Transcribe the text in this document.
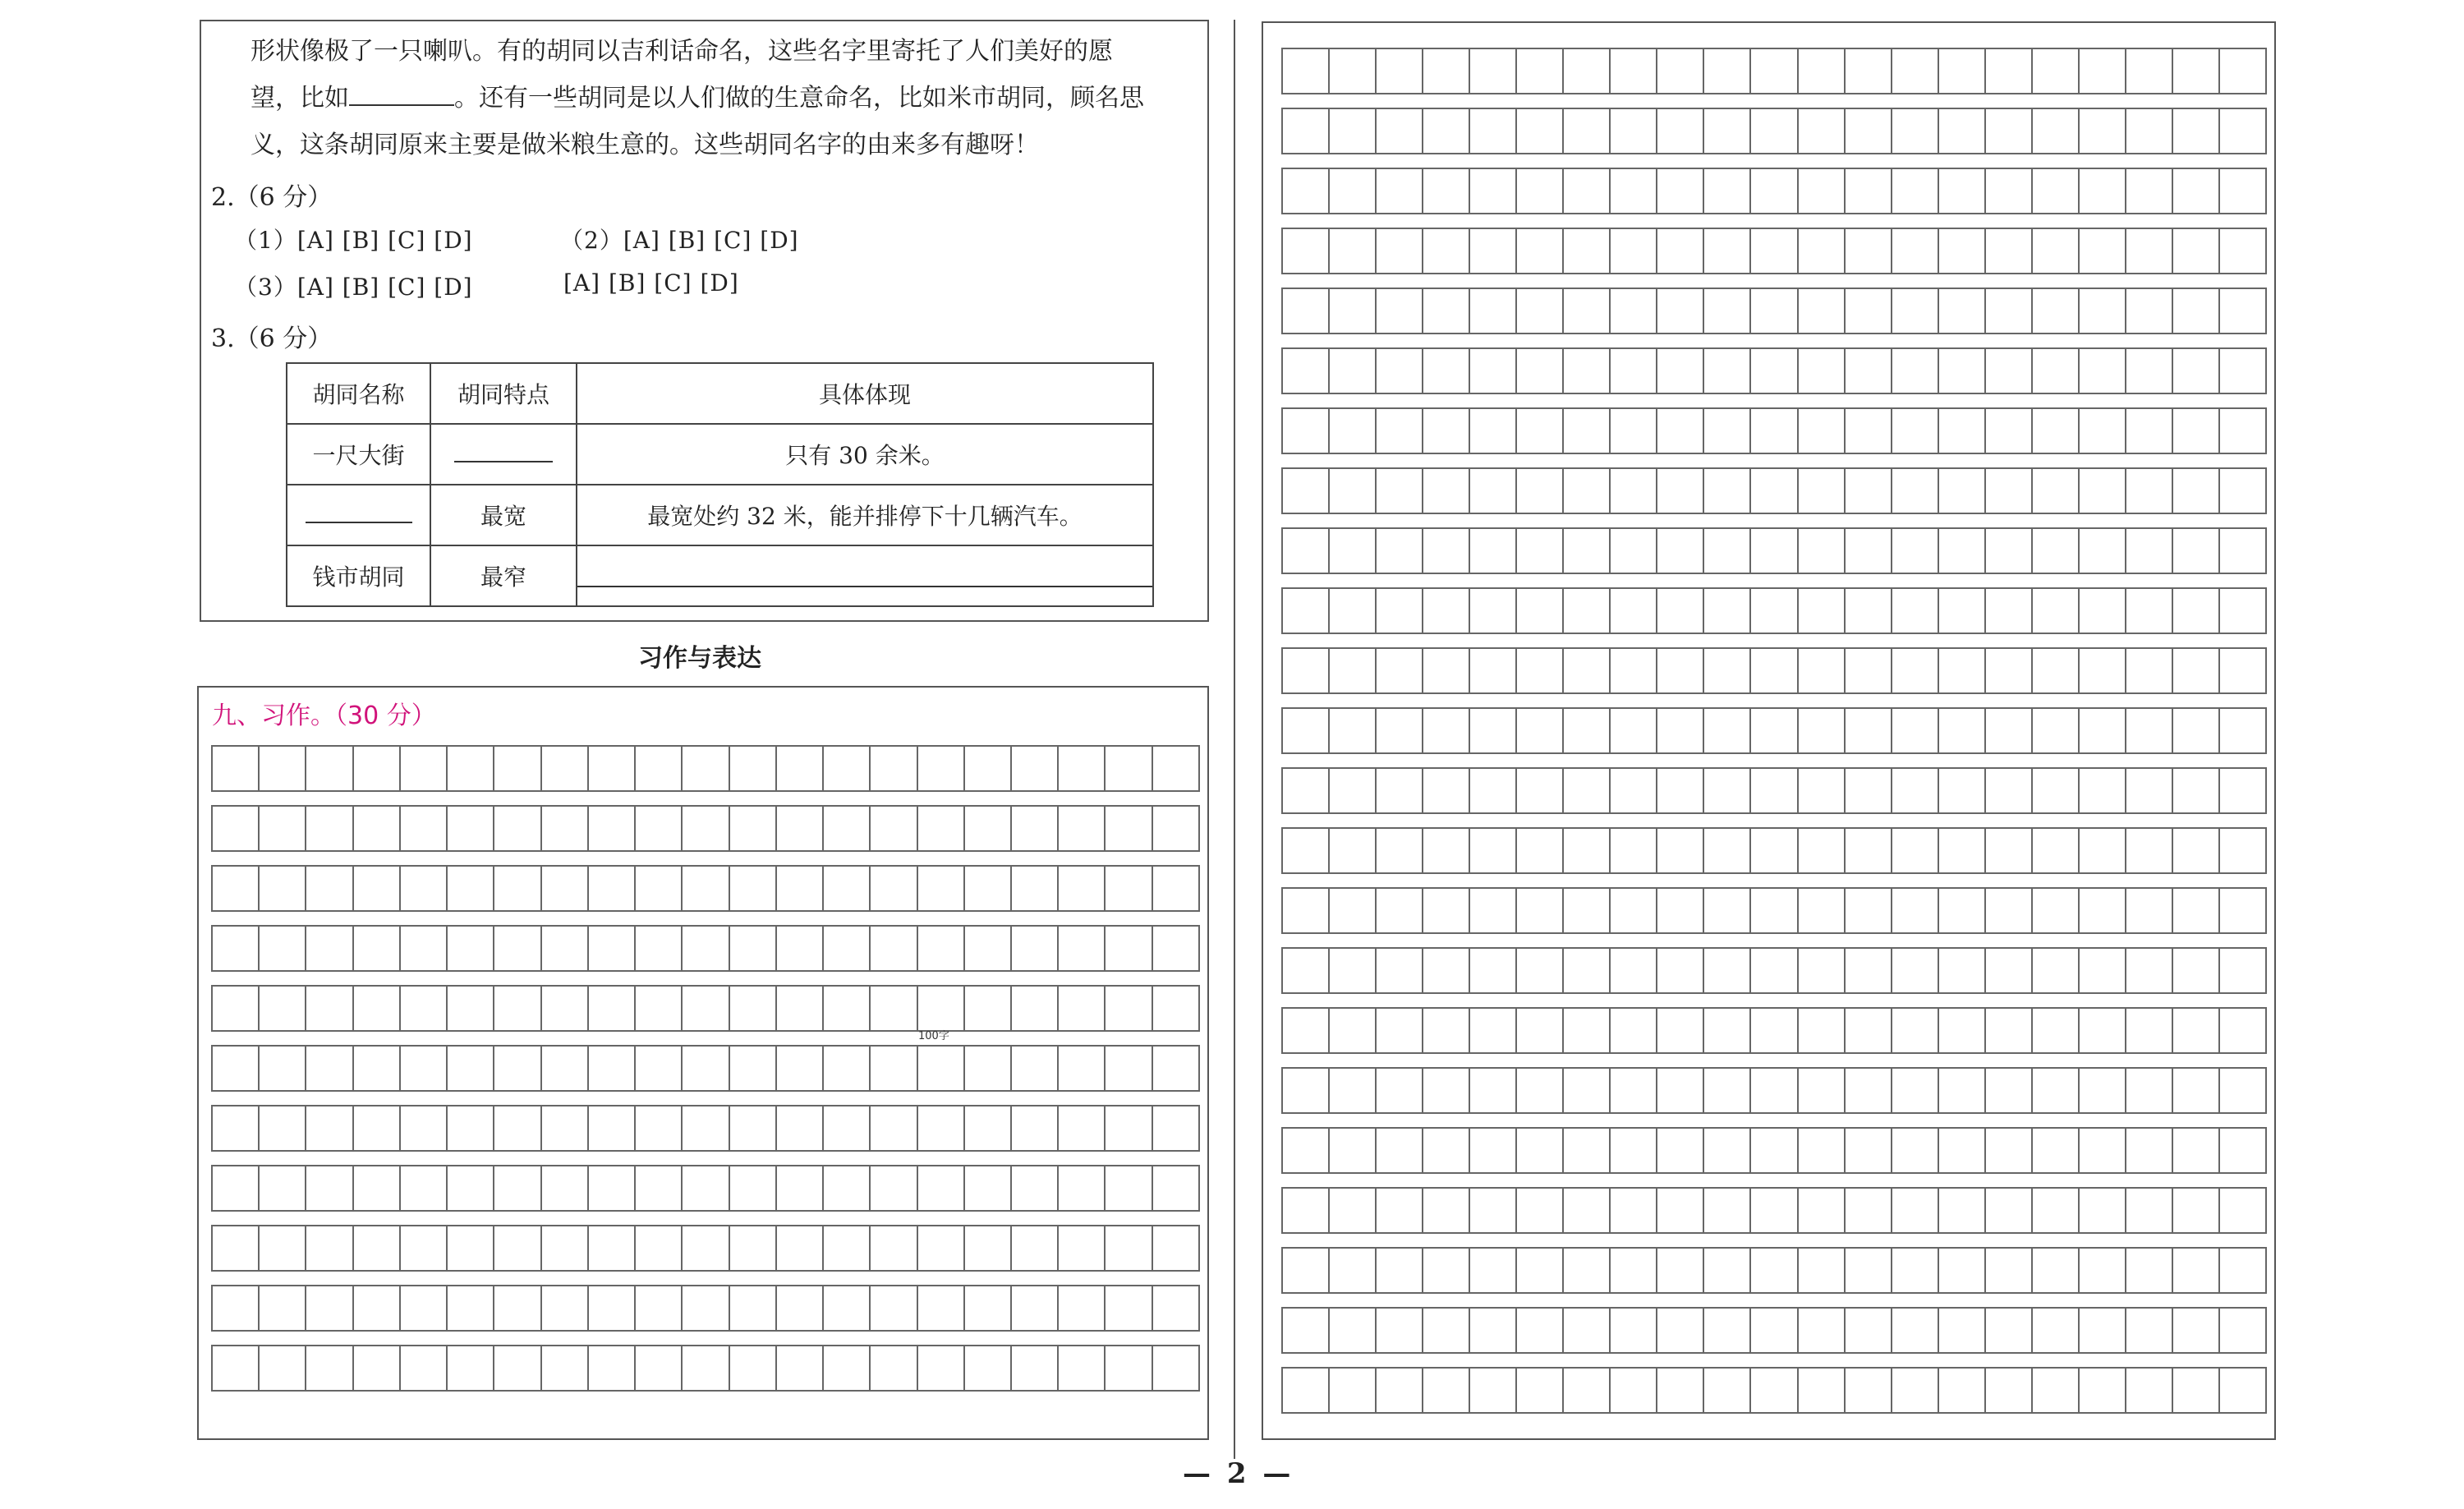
形状像极了一只喇叭。有的胡同以吉利话命名，这些名字里寄托了人们美好的愿
望，比如	。还有一些胡同是以人们做的生意命名，比如米市胡同，顾名思
义，这条胡同原来主要是做米粮生意的。这些胡同名字的由来多有趣呀！
2.（6 分）
（1）[A] [B] [C] [D]	（2）[A] [B] [C] [D]
（3）[A] [B] [C] [D]	[A] [B] [C] [D]
3.（6 分）
胡同名称	胡同特点	具体体现
一尺大街		只有 30 余米。
	最宽	最宽处约 32 米，能并排停下十几辆汽车。
钱市胡同	最窄	
习作与表达
九、习作。（30 分）
100字
— 2 —
